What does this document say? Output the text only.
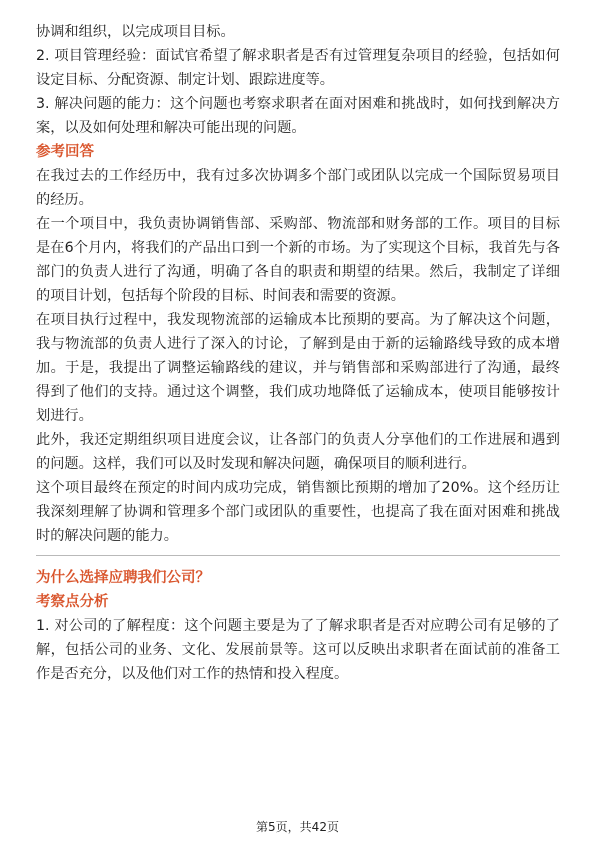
协调和组织，以完成项目目标。

2. 项目管理经验：面试官希望了解求职者是否有过管理复杂项目的经验，包括如何设定目标、分配资源、制定计划、跟踪进度等。

3. 解决问题的能力：这个问题也考察求职者在面对困难和挑战时，如何找到解决方案，以及如何处理和解决可能出现的问题。

参考回答

在我过去的工作经历中，我有过多次协调多个部门或团队以完成一个国际贸易项目的经历。

在一个项目中，我负责协调销售部、采购部、物流部和财务部的工作。项目的目标是在6个月内，将我们的产品出口到一个新的市场。为了实现这个目标，我首先与各部门的负责人进行了沟通，明确了各自的职责和期望的结果。然后，我制定了详细的项目计划，包括每个阶段的目标、时间表和需要的资源。

在项目执行过程中，我发现物流部的运输成本比预期的要高。为了解决这个问题，我与物流部的负责人进行了深入的讨论，了解到是由于新的运输路线导致的成本增加。于是，我提出了调整运输路线的建议，并与销售部和采购部进行了沟通，最终得到了他们的支持。通过这个调整，我们成功地降低了运输成本，使项目能够按计划进行。

此外，我还定期组织项目进度会议，让各部门的负责人分享他们的工作进展和遇到的问题。这样，我们可以及时发现和解决问题，确保项目的顺利进行。

这个项目最终在预定的时间内成功完成，销售额比预期的增加了20%。这个经历让我深刻理解了协调和管理多个部门或团队的重要性，也提高了我在面对困难和挑战时的解决问题的能力。

为什么选择应聘我们公司？

考察点分析

1. 对公司的了解程度：这个问题主要是为了了解求职者是否对应聘公司有足够的了解，包括公司的业务、文化、发展前景等。这可以反映出求职者在面试前的准备工作是否充分，以及他们对工作的热情和投入程度。

第5页，共42页
